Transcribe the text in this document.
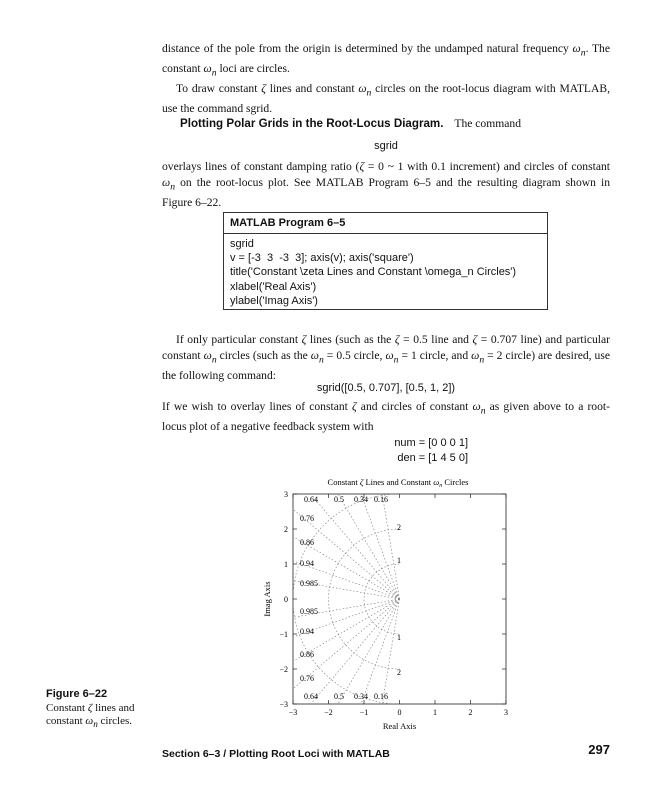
distance of the pole from the origin is determined by the undamped natural frequency $\omega_n$. The constant $\omega_n$ loci are circles.

To draw constant ζ lines and constant $\omega_n$ circles on the root-locus diagram with MATLAB, use the command sgrid.

Plotting Polar Grids in the Root-Locus Diagram. The command
sgrid

overlays lines of constant damping ratio (ζ = 0 ~ 1 with 0.1 increment) and circles of constant $\omega_n$ on the root-locus plot. See MATLAB Program 6–5 and the resulting diagram shown in Figure 6–22.

MATLAB Program 6–5
sgrid
v = [-3  3  -3  3]; axis(v); axis('square')
title('Constant \zeta Lines and Constant \omega_n Circles')
xlabel('Real Axis')
ylabel('Imag Axis')

If only particular constant ζ lines (such as the ζ = 0.5 line and ζ = 0.707 line) and particular constant $\omega_n$ circles (such as the $\omega_n = 0.5$ circle, $\omega_n = 1$ circle, and $\omega_n = 2$ circle) are desired, use the following command:

sgrid([0.5, 0.707], [0.5, 1, 2])

If we wish to overlay lines of constant ζ and circles of constant $\omega_n$ as given above to a root-locus plot of a negative feedback system with

num = [0 0 0 1]
den = [1 4 5 0]
Constant ζ Lines and Constant $\omega_n$ Circles
0.64 0.5 0.34 0.16
0.76
0.86
0.94
0.985
0.985
0.94
0.86
0.76
0.64 0.5 0.34 0.16
2
1
1
2
−3	−2	−1	0	1	2	3
−3
−2
−1
0
1
2
3
Real Axis
Imag Axis
Figure 6–22
Constant ζ lines and constant $\omega_n$ circles.
Section 6–3 / Plotting Root Loci with MATLAB	297
